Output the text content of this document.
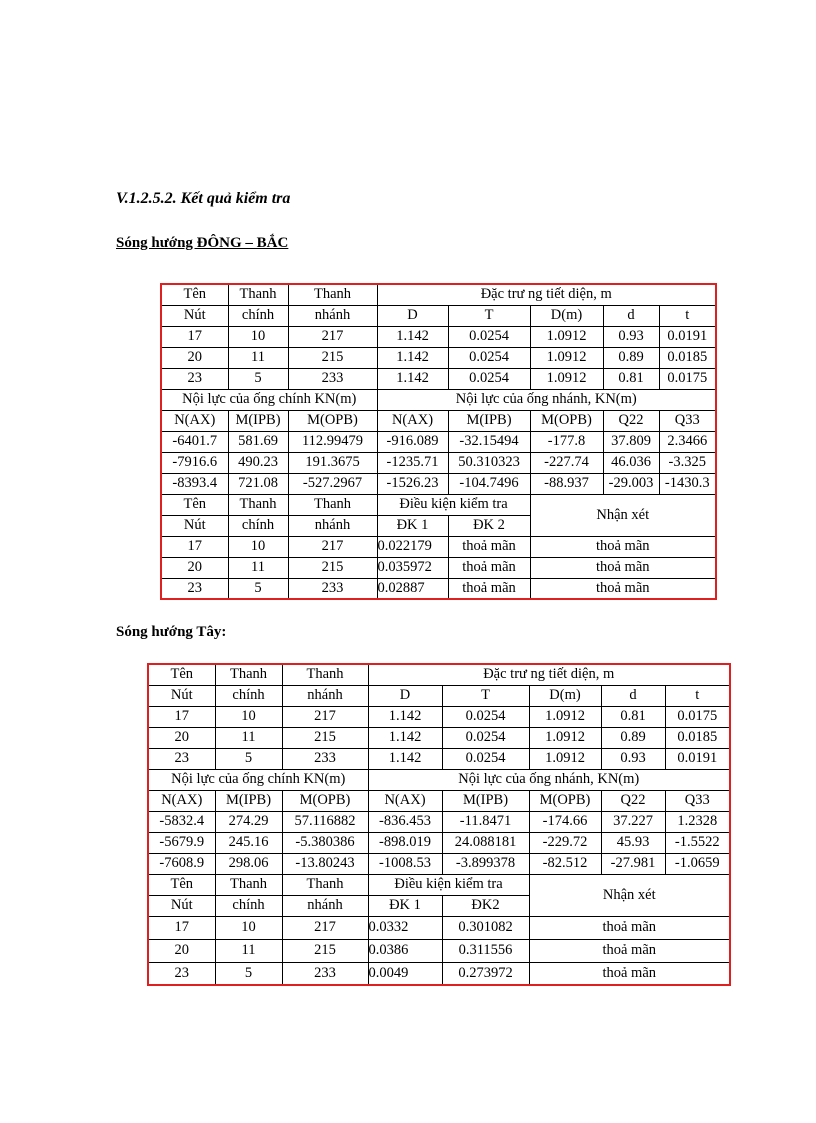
V.1.2.5.2. Kết quả kiểm tra
Sóng hướng ĐÔNG – BẮC
Sóng hướng Tây:
Tên	Thanh	Thanh	Đặc trư ng tiết diện, m				
Nút	chính	nhánh	D	T	D(m)	d	t
17	10	217	1.142	0.0254	1.0912	0.93	0.0191
20	11	215	1.142	0.0254	1.0912	0.89	0.0185
23	5	233	1.142	0.0254	1.0912	0.81	0.0175
Nội lực của ống chính KN(m)			Nội lực của ống nhánh, KN(m)				
N(AX)	M(IPB)	M(OPB)	N(AX)	M(IPB)	M(OPB)	Q22	Q33
-6401.7	581.69	112.99479	-916.089	-32.15494	-177.8	37.809	2.3466
-7916.6	490.23	191.3675	-1235.71	50.310323	-227.74	46.036	-3.325
-8393.4	721.08	-527.2967	-1526.23	-104.7496	-88.937	-29.003	-1430.3
Tên	Thanh	Thanh	Điều kiện kiểm tra		Nhận xét		
Nút	chính	nhánh	ĐK 1	ĐK 2			
17	10	217	0.022179	thoả mãn	thoả mãn		
20	11	215	0.035972	thoả mãn	thoả mãn		
23	5	233	0.02887	thoả mãn	thoả mãn		
Tên	Thanh	Thanh	Đặc trư ng tiết diện, m				
Nút	chính	nhánh	D	T	D(m)	d	t
17	10	217	1.142	0.0254	1.0912	0.81	0.0175
20	11	215	1.142	0.0254	1.0912	0.89	0.0185
23	5	233	1.142	0.0254	1.0912	0.93	0.0191
Nội lực của ống chính KN(m)			Nội lực của ống nhánh, KN(m)				
N(AX)	M(IPB)	M(OPB)	N(AX)	M(IPB)	M(OPB)	Q22	Q33
-5832.4	274.29	57.116882	-836.453	-11.8471	-174.66	37.227	1.2328
-5679.9	245.16	-5.380386	-898.019	24.088181	-229.72	45.93	-1.5522
-7608.9	298.06	-13.80243	-1008.53	-3.899378	-82.512	-27.981	-1.0659
Tên	Thanh	Thanh	Điều kiện kiểm tra		Nhận xét		
Nút	chính	nhánh	ĐK 1	ĐK2			
17	10	217	0.0332	0.301082	thoả mãn		
20	11	215	0.0386	0.311556	thoả mãn		
23	5	233	0.0049	0.273972	thoả mãn		
